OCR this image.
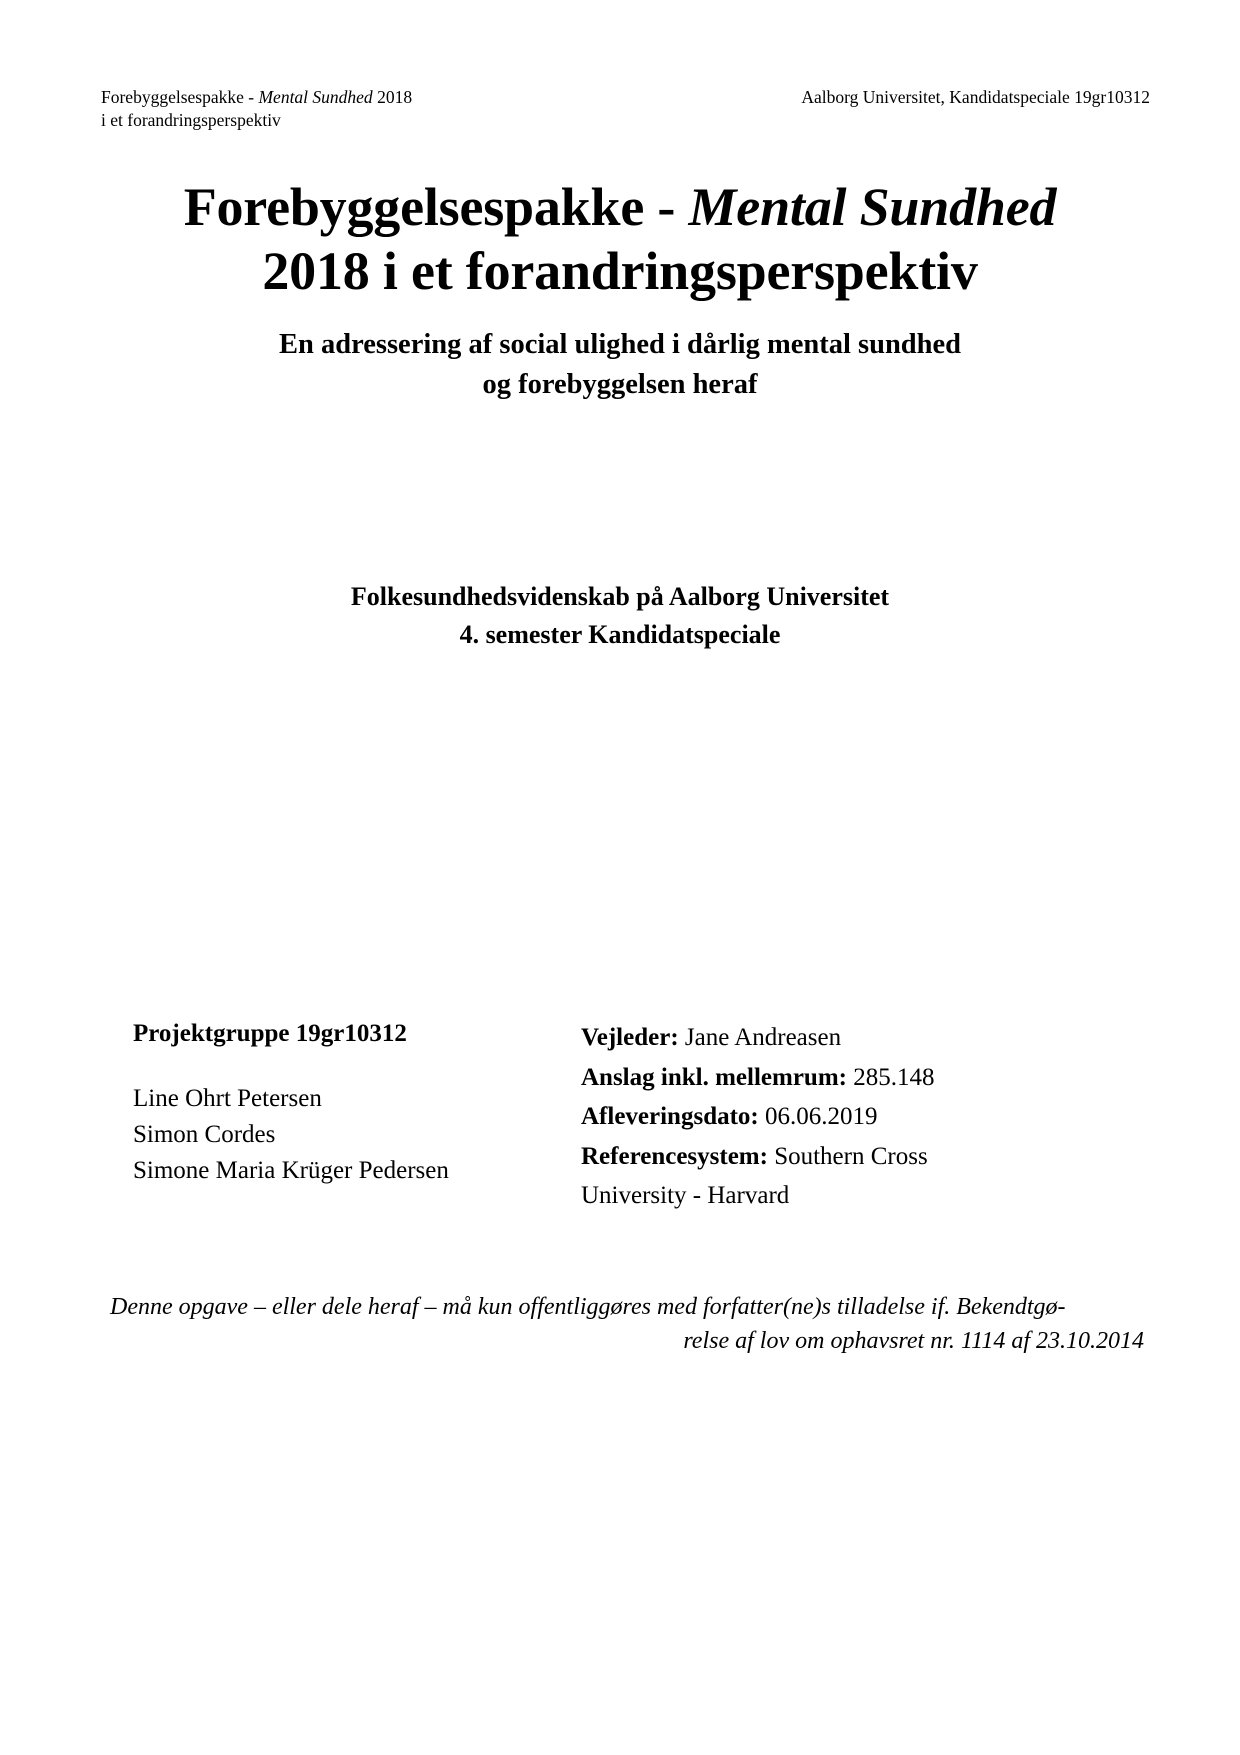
Forebyggelsespakke - Mental Sundhed 2018
i et forandringsperspektiv
Aalborg Universitet, Kandidatspeciale 19gr10312
Forebyggelsespakke - Mental Sundhed
2018 i et forandringsperspektiv
En adressering af social ulighed i dårlig mental sundhed
og forebyggelsen heraf
Folkesundhedsvidenskab på Aalborg Universitet
4. semester Kandidatspeciale

Projektgruppe 19gr10312

Line Ohrt Petersen

Simon Cordes

Simone Maria Krüger Pedersen

Vejleder: Jane Andreasen

Anslag inkl. mellemrum: 285.148

Afleveringsdato: 06.06.2019

Referencesystem: Southern Cross

University - Harvard

Denne opgave – eller dele heraf – må kun offentliggøres med forfatter(ne)s tilladelse if. Bekendtgø-
relse af lov om ophavsret nr. 1114 af 23.10.2014
